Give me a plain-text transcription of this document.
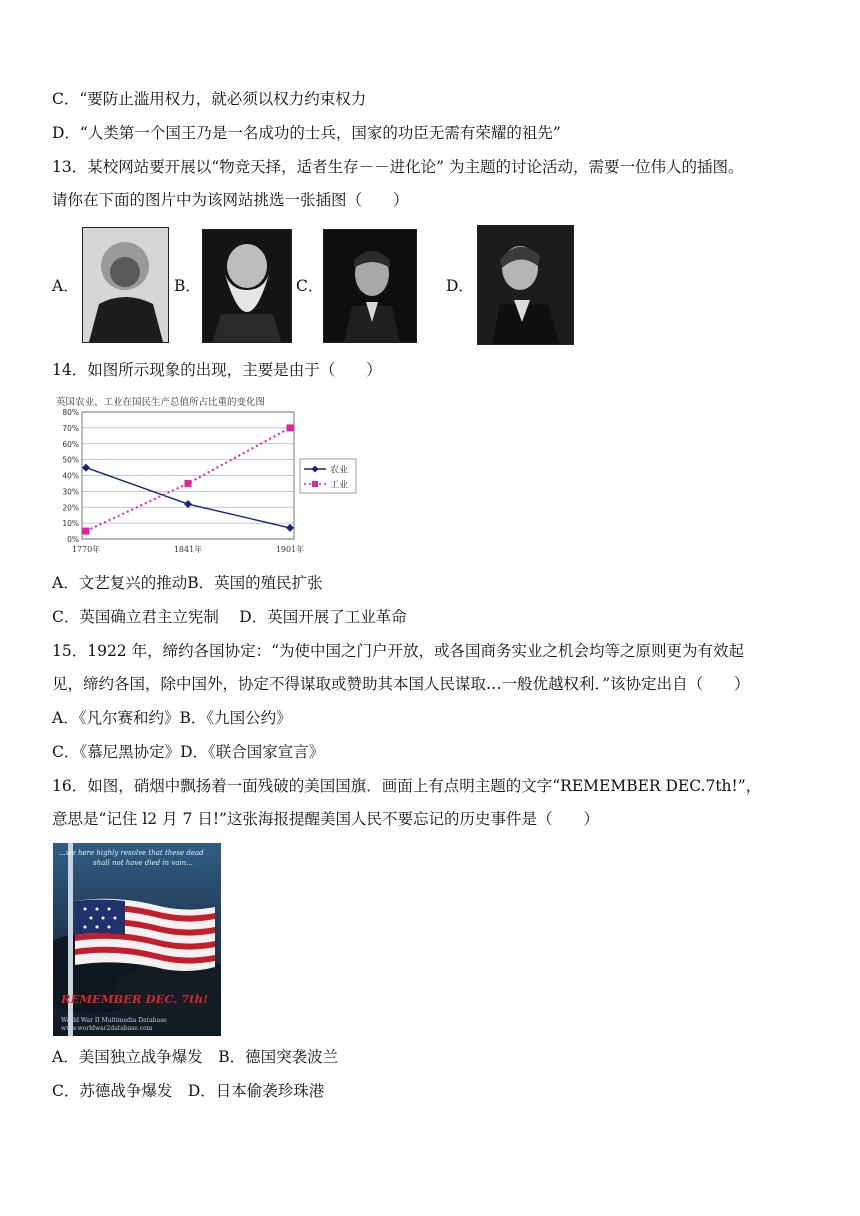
C．“要防止滥用权力，就必须以权力约束权力
D．“人类第一个国王乃是一名成功的士兵，国家的功臣无需有荣耀的祖先”
13．某校网站要开展以“物竞天择，适者生存－－进化论” 为主题的讨论活动，需要一位伟人的插图。
请你在下面的图片中为该网站挑选一张插图（　　）
A．	B．	C．	D．
14．如图所示现象的出现，主要是由于（　　）
英国农业、工业在国民生产总值所占比重的变化图
0%
10%
20%
30%
40%
50%
60%
70%
80%
1770年	1841年	1901年
农业
工业
A．文艺复兴的推动B．英国的殖民扩张
C．英国确立君主立宪制　 D．英国开展了工业革命
15．1922 年，缔约各国协定：“为使中国之门户开放，或各国商务实业之机会均等之原则更为有效起
见，缔约各国，除中国外，协定不得谋取或赞助其本国人民谋取…一般优越权利．”该协定出自（　　）
A．《凡尔赛和约》B．《九国公约》
C．《慕尼黑协定》D．《联合国家宣言》
16．如图，硝烟中飘扬着一面残破的美国国旗．画面上有点明主题的文字“REMEMBER DEC.7th!”，
意思是“记住 l2 月 7 日!”这张海报提醒美国人民不要忘记的历史事件是（　　）
...we here highly resolve that these dead
shall not have died in vain...
REMEMBER DEC. 7th!
World War II Multimedia Database
www.worldwar2database.com
A．美国独立战争爆发　B．德国突袭波兰
C．苏德战争爆发　D．日本偷袭珍珠港
